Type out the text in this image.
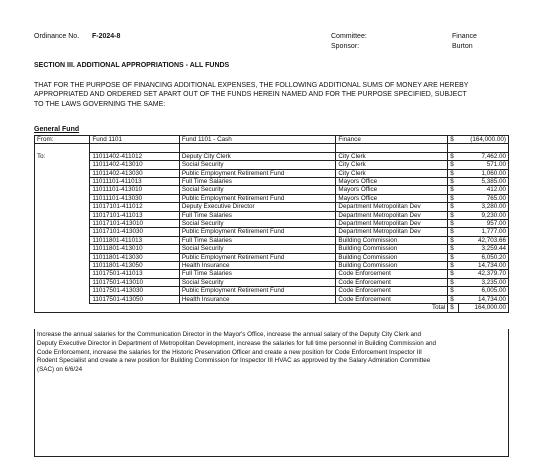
Ordinance No. F-2024-8	Committee:	Finance
Sponsor:	Burton
SECTION III. ADDITIONAL APPROPRIATIONS - ALL FUNDS
THAT FOR THE PURPOSE OF FINANCING ADDITIONAL EXPENSES, THE FOLLOWING ADDITIONAL SUMS OF MONEY ARE HEREBY
APPROPRIATED AND ORDERED SET APART OUT OF THE FUNDS HEREIN NAMED AND FOR THE PURPOSE SPECIFIED, SUBJECT
TO THE LAWS GOVERNING THE SAME:
General Fund
From:	Fund 1101	Fund 1101 - Cash	Finance	$	(164,000.00)

To:	11011402-411012	Deputy City Clerk	City Clerk	$	7,462.00
	11011402-413010	Social Security	City Clerk	$	571.00
	11011402-413030	Public Employment Retirement Fund	City Clerk	$	1,060.00
	11011101-411013	Full Time Salaries	Mayors Office	$	5,385.00
	11011101-413010	Social Security	Mayors Office	$	412.00
	11011101-413030	Public Employment Retirement Fund	Mayors Office	$	765.00
	11017101-411012	Deputy Executive Director	Department Metropolitan Dev	$	3,280.00
	11017101-411013	Full Time Salaries	Department Metropolitan Dev	$	9,230.00
	11017101-413010	Social Security	Department Metropolitan Dev	$	957.00
	11017101-413030	Public Employment Retirement Fund	Department Metropolitan Dev	$	1,777.00
	11011801-411013	Full Time Salaries	Building Commission	$	42,703.66
	11011801-413010	Social Security	Building Commission	$	3,259.44
	11011801-413030	Public Employment Retirement Fund	Building Commission	$	6,050.20
	11011801-413050	Health Insurance	Building Commission	$	14,734.00
	11017501-411013	Full Time Salaries	Code Enforcement	$	42,379.70
	11017501-413010	Social Security	Code Enforcement	$	3,235.00
	11017501-413030	Public Employment Retirement Fund	Code Enforcement	$	6,005.00
	11017501-413050	Health Insurance	Code Enforcement	$	14,734.00
			Total	$	164,000.00

Increase the annual salaries for the Communication Director in the Mayor's Office, increase the annual salary of the Deputy City Clerk and
Deputy Executive Director in Department of Metropolitan Development, increase the salaries for full time personnel in Building Commission and
Code Enforcement, increase the salaries for the Historic Preservation Officer and create a new position for Code Enforcement Inspector III
Rodent Specialist and create a new position for Building Commission for Inspector III HVAC as approved by the Salary Admiration Committee
(SAC) on 6/6/24
